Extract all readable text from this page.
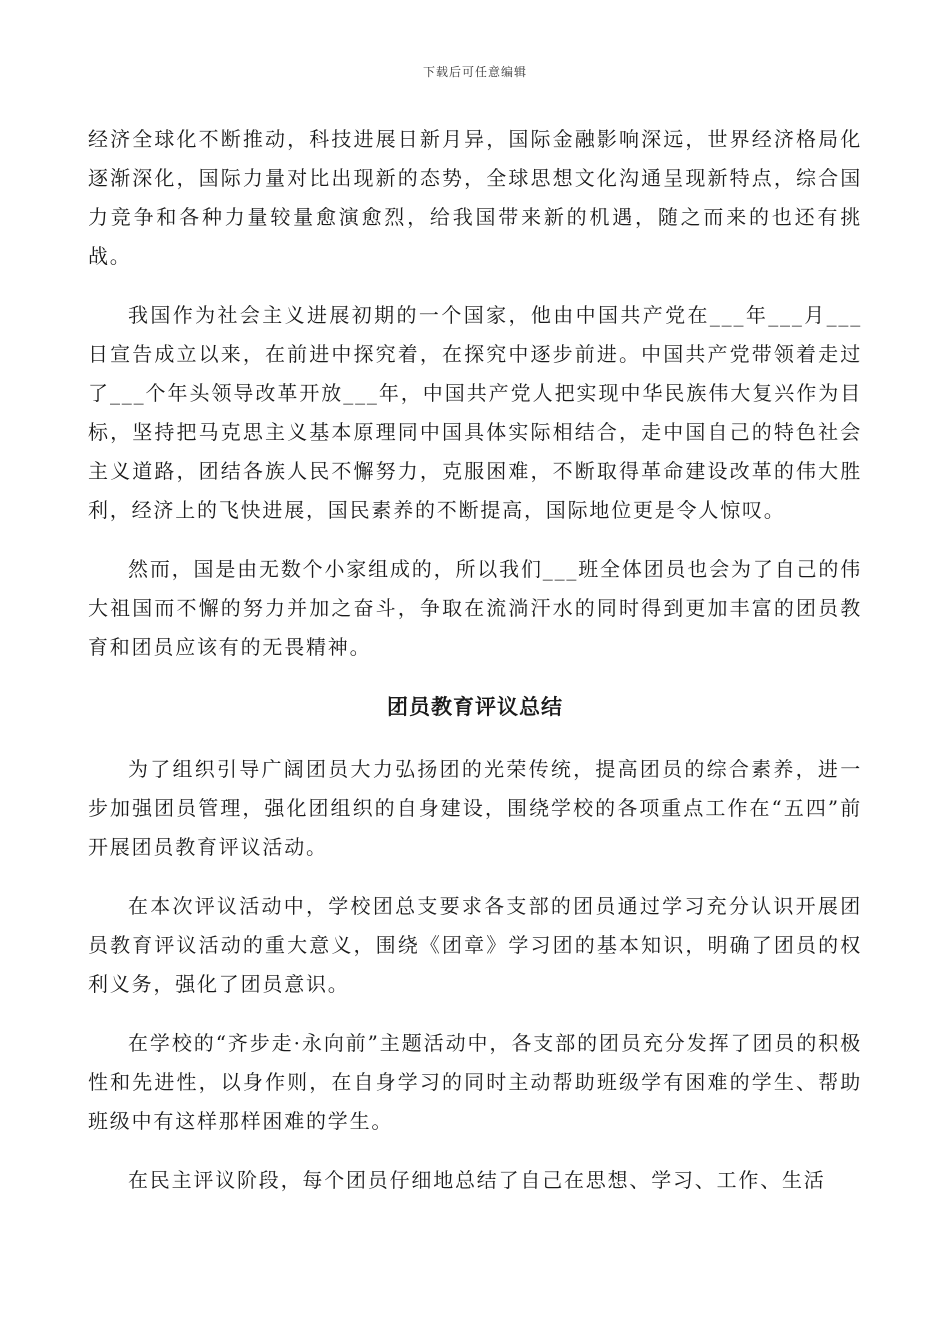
下载后可任意编辑

经济全球化不断推动，科技进展日新月异，国际金融影响深远，世界经济格局化逐渐深化，国际力量对比出现新的态势，全球思想文化沟通呈现新特点，综合国力竞争和各种力量较量愈演愈烈，给我国带来新的机遇，随之而来的也还有挑战。

我国作为社会主义进展初期的一个国家，他由中国共产党在___年___月___日宣告成立以来，在前进中探究着，在探究中逐步前进。中国共产党带领着走过了___个年头领导改革开放___年，中国共产党人把实现中华民族伟大复兴作为目标，坚持把马克思主义基本原理同中国具体实际相结合，走中国自己的特色社会主义道路，团结各族人民不懈努力，克服困难，不断取得革命建设改革的伟大胜利，经济上的飞快进展，国民素养的不断提高，国际地位更是令人惊叹。

然而，国是由无数个小家组成的，所以我们___班全体团员也会为了自己的伟大祖国而不懈的努力并加之奋斗，争取在流淌汗水的同时得到更加丰富的团员教育和团员应该有的无畏精神。

团员教育评议总结

为了组织引导广阔团员大力弘扬团的光荣传统，提高团员的综合素养，进一步加强团员管理，强化团组织的自身建设，围绕学校的各项重点工作在“五四”前开展团员教育评议活动。

在本次评议活动中，学校团总支要求各支部的团员通过学习充分认识开展团员教育评议活动的重大意义，围绕《团章》学习团的基本知识，明确了团员的权利义务，强化了团员意识。

在学校的“齐步走·永向前”主题活动中，各支部的团员充分发挥了团员的积极性和先进性，以身作则，在自身学习的同时主动帮助班级学有困难的学生、帮助班级中有这样那样困难的学生。

在民主评议阶段，每个团员仔细地总结了自己在思想、学习、工作、生活
